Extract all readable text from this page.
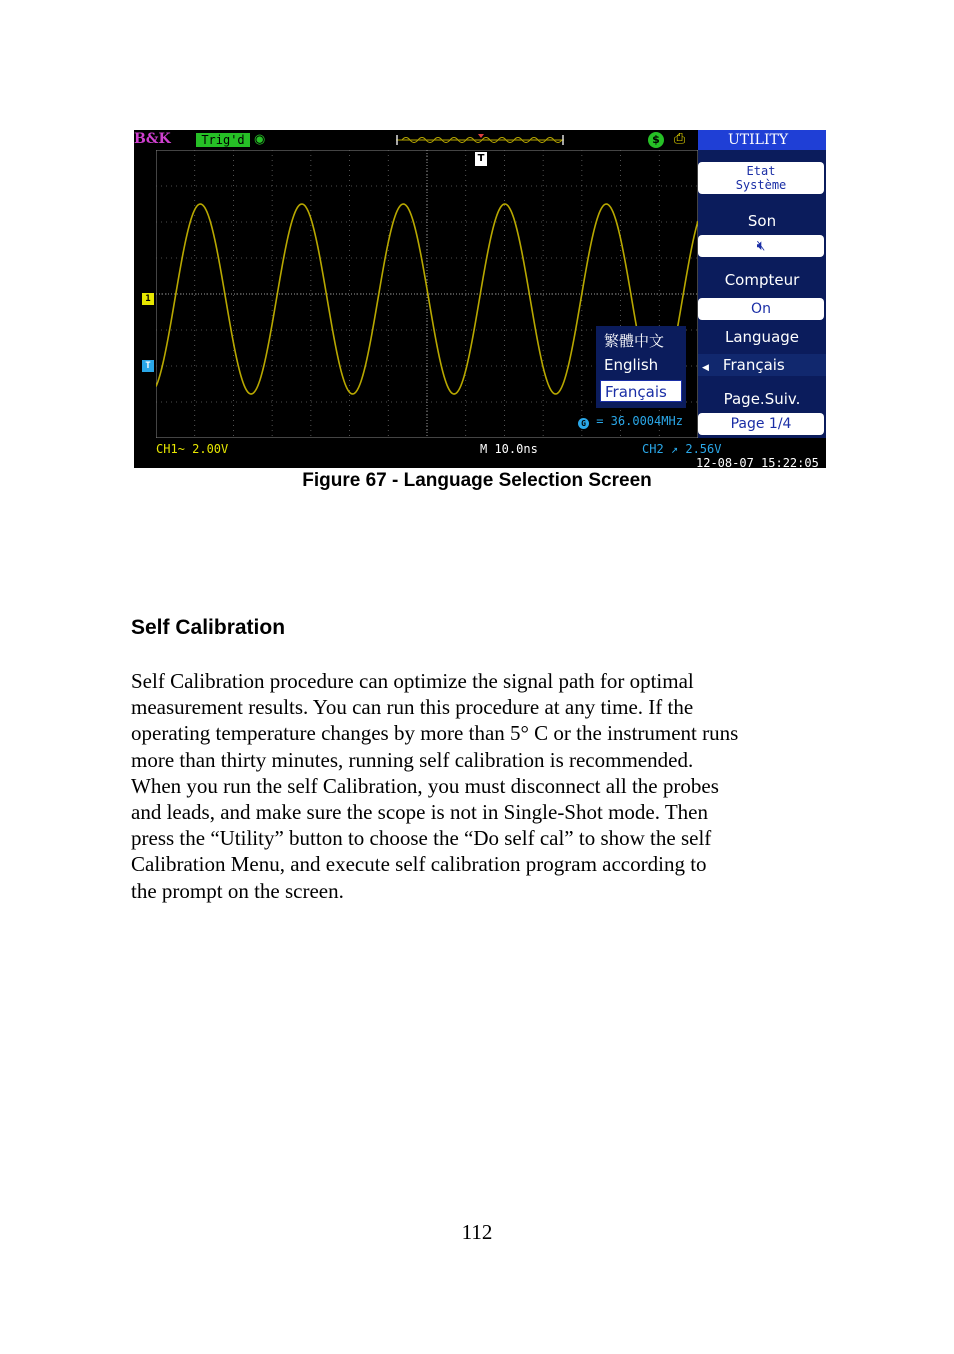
B&K	Trig'd ◉	$ ⎙
T
1
T
繁體中文
English
Français
G = 36.0004MHz
UTILITY
Etat
Système
Son
🔇︎
Compteur
On
Language
◀ Français
Page.Suiv.
Page 1/4
CH1~ 2.00V	M 10.0ns	CH2 ↗ 2.56V
12-08-07 15:22:05
Figure 67 - Language Selection Screen
Self Calibration

Self Calibration procedure can optimize the signal path for optimal
measurement results. You can run this procedure at any time. If the
operating temperature changes by more than 5° C or the instrument runs
more than thirty minutes, running self calibration is recommended.
When you run the self Calibration, you must disconnect all the probes
and leads, and make sure the scope is not in Single-Shot mode. Then
press the “Utility” button to choose the “Do self cal” to show the self
Calibration Menu, and execute self calibration program according to
the prompt on the screen.

112
